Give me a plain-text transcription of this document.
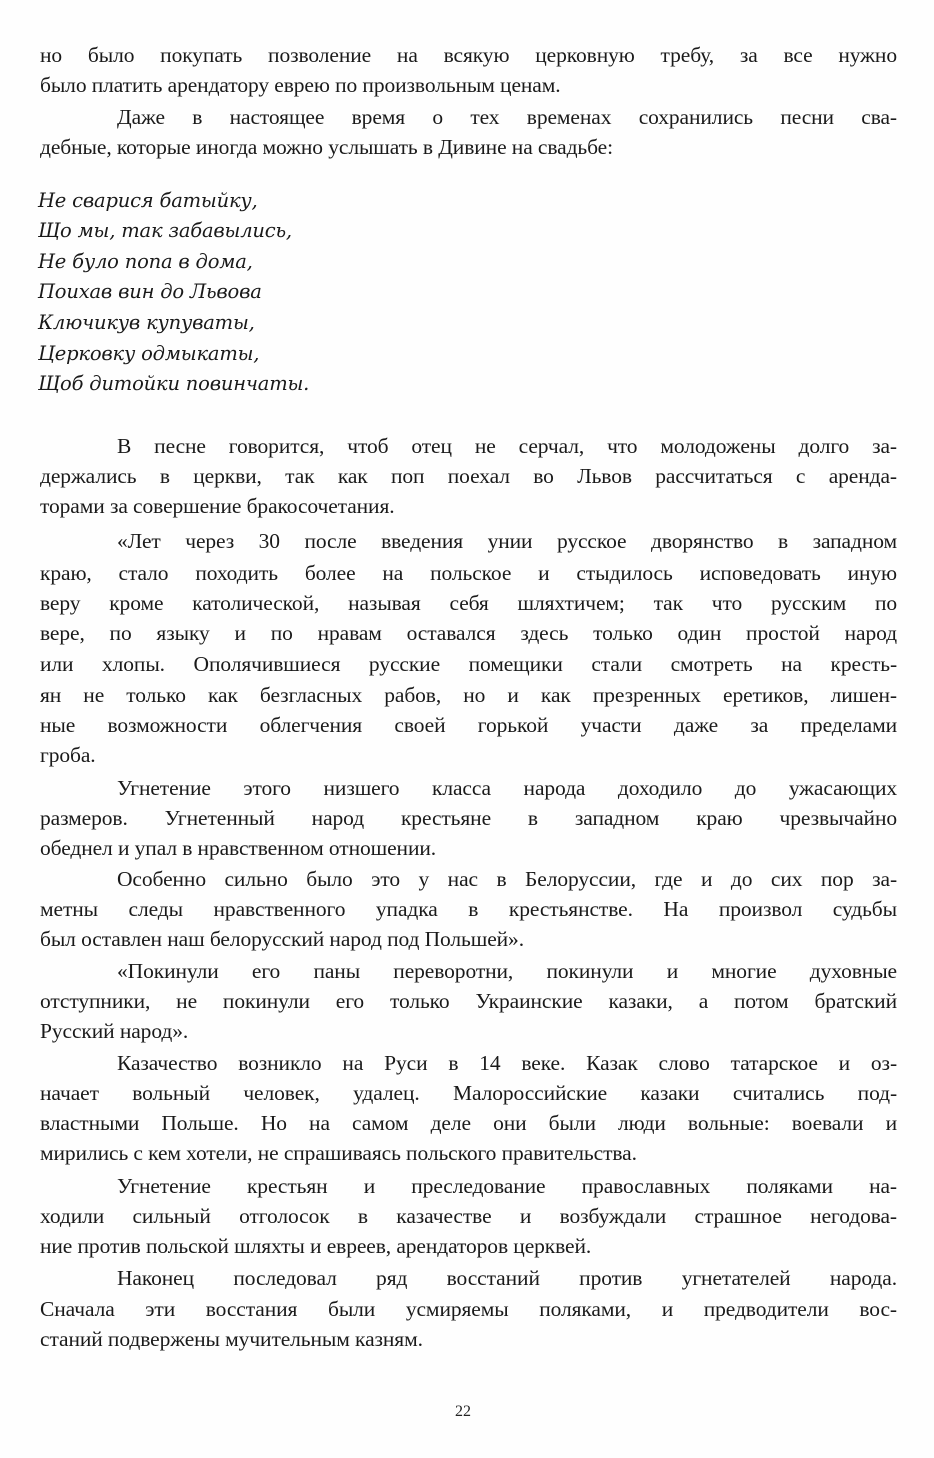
но было покупать позволение на всякую церковную требу, за все нужно
было платить арендатору еврею по произвольным ценам.
Даже в настоящее время о тех временах сохранились песни сва-
дебные, которые иногда можно услышать в Дивине на свадьбе:
Не сварися батыйку,
Що мы, так забавылись,
Не було попа в дома,
Поихав вин до Львова
Ключикув купуваты,
Церковку одмыкаты,
Щоб дитойки повинчаты.
В песне говорится, чтоб отец не серчал, что молодожены долго за-
держались в церкви, так как поп поехал во Львов рассчитаться с аренда-
торами за совершение бракосочетания.
«Лет через 30 после введения унии русское дворянство в западном
краю, стало походить более на польское и стыдилось исповедовать иную
веру кроме католической, называя себя шляхтичем; так что русским по
вере, по языку и по нравам оставался здесь только один простой народ
или хлопы. Ополячившиеся русские помещики стали смотреть на кресть-
ян не только как безгласных рабов, но и как презренных еретиков, лишен-
ные возможности облегчения своей горькой участи даже за пределами
гроба.
Угнетение этого низшего класса народа доходило до ужасающих
размеров. Угнетенный народ крестьяне в западном краю чрезвычайно
обеднел и упал в нравственном отношении.
Особенно сильно было это у нас в Белоруссии, где и до сих пор за-
метны следы нравственного упадка в крестьянстве. На произвол судьбы
был оставлен наш белорусский народ под Польшей».
«Покинули его паны переворотни, покинули и многие духовные
отступники, не покинули его только Украинские казаки, а потом братский
Русский народ».
Казачество возникло на Руси в 14 веке. Казак слово татарское и оз-
начает вольный человек, удалец. Малороссийские казаки считались под-
властными Польше. Но на самом деле они были люди вольные: воевали и
мирились с кем хотели, не спрашиваясь польского правительства.
Угнетение крестьян и преследование православных поляками на-
ходили сильный отголосок в казачестве и возбуждали страшное негодова-
ние против польской шляхты и евреев, арендаторов церквей.
Наконец последовал ряд восстаний против угнетателей народа.
Сначала эти восстания были усмиряемы поляками, и предводители вос-
станий подвержены мучительным казням.
22
